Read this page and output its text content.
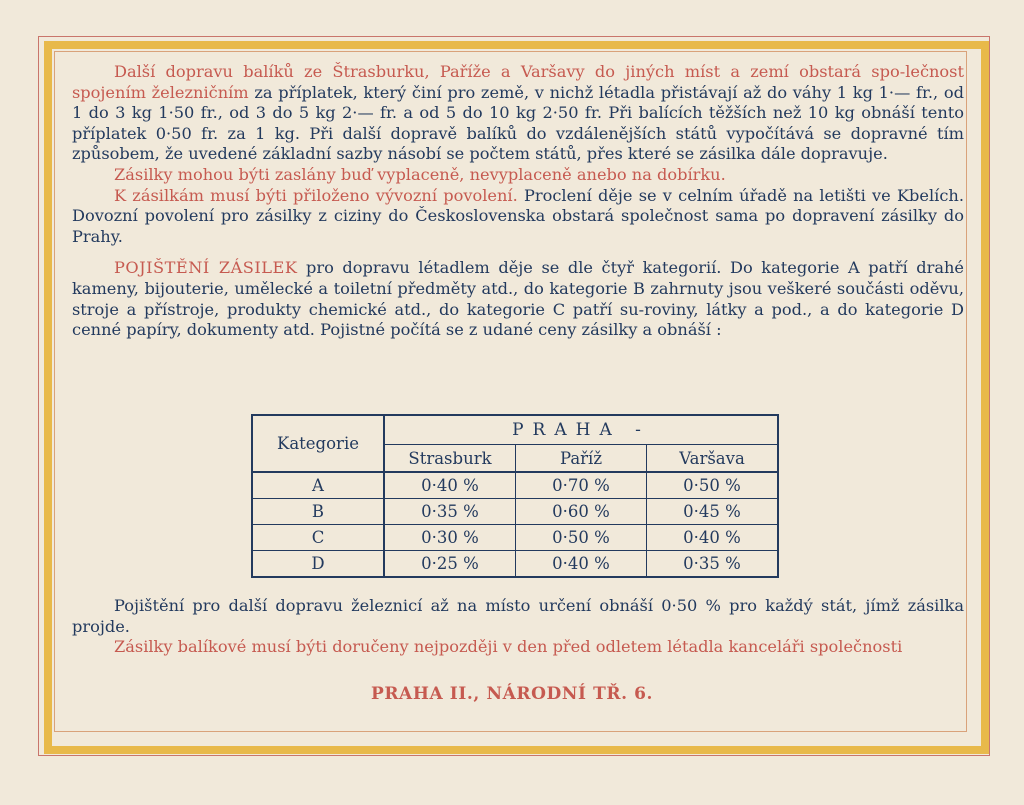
Další dopravu balíků ze Štrasburku, Paříže a Varšavy do jiných míst a zemí obstará spo-lečnost spojením železničním za příplatek, který činí pro země, v nichž létadla přistávají až do váhy 1 kg 1·— fr., od 1 do 3 kg 1·50 fr., od 3 do 5 kg 2·— fr. a od 5 do 10 kg 2·50 fr. Při balících těžších než 10 kg obnáší tento příplatek 0·50 fr. za 1 kg. Při další dopravě balíků do vzdálenějších států vypočítává se dopravné tím způsobem, že uvedené základní sazby násobí se počtem států, přes které se zásilka dále dopravuje.

Zásilky mohou býti zaslány buď vyplaceně, nevyplaceně anebo na dobírku.

K zásilkám musí býti přiloženo vývozní povolení. Proclení děje se v celním úřadě na letišti ve Kbelích. Dovozní povolení pro zásilky z ciziny do Československa obstará společnost sama po dopravení zásilky do Prahy.

POJIŠTĚNÍ ZÁSILEK pro dopravu létadlem děje se dle čtyř kategorií. Do kategorie A patří drahé kameny, bijouterie, umělecké a toiletní předměty atd., do kategorie B zahrnuty jsou veškeré součásti oděvu, stroje a přístroje, produkty chemické atd., do kategorie C patří su-roviny, látky a pod., a do kategorie D cenné papíry, dokumenty atd. Pojistné počítá se z udané ceny zásilky a obnáší :

Kategorie	PRAHA -		
	Strasburk	Paříž	Varšava
A	0·40 %	0·70 %	0·50 %
B	0·35 %	0·60 %	0·45 %
C	0·30 %	0·50 %	0·40 %
D	0·25 %	0·40 %	0·35 %

Pojištění pro další dopravu železnicí až na místo určení obnáší 0·50 % pro každý stát, jímž zásilka projde.

Zásilky balíkové musí býti doručeny nejpozději v den před odletem létadla kanceláři společnosti

PRAHA II., NÁRODNÍ TŘ. 6.
